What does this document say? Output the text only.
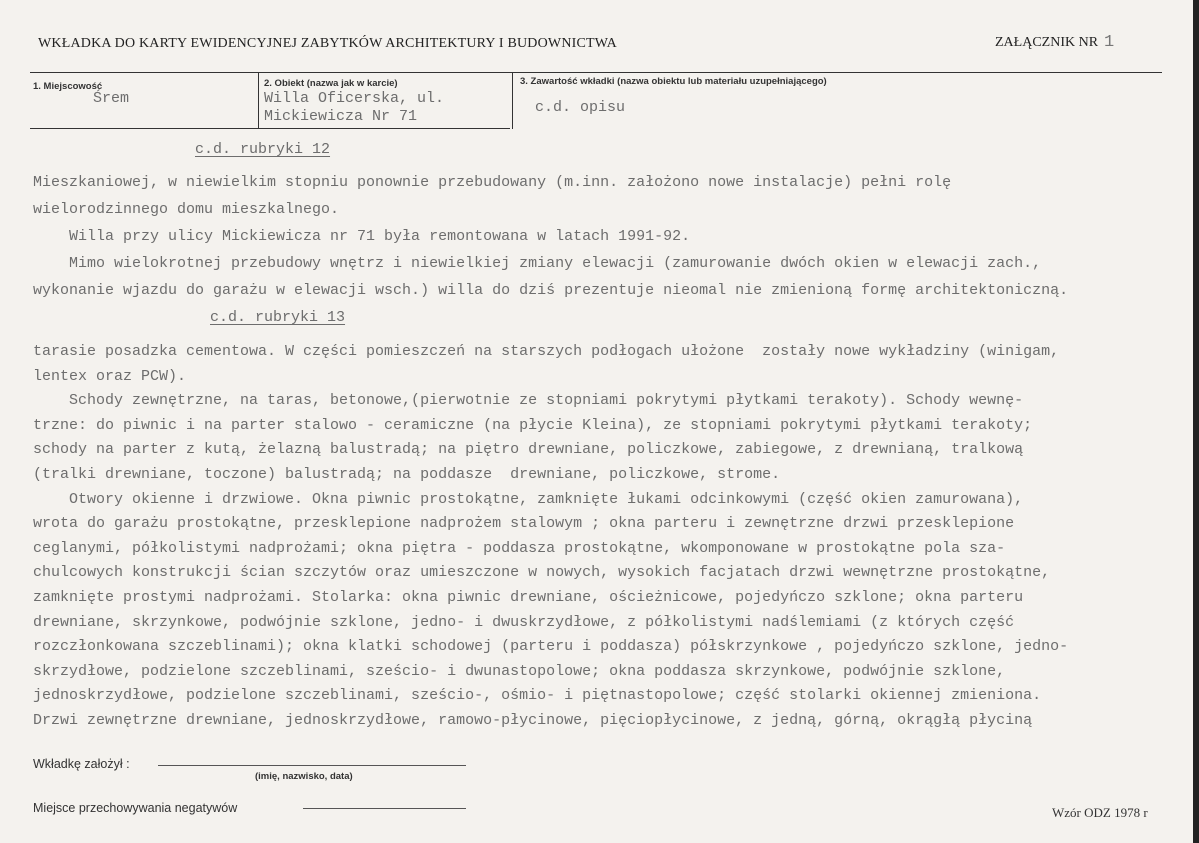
WKŁADKA DO KARTY EWIDENCYJNEJ ZABYTKÓW ARCHITEKTURY I BUDOWNICTWA	ZAŁĄCZNIK NR 1
1. Miejscowość
Śrem
2. Obiekt (nazwa jak w karcie)
Willa Oficerska, ul.
Mickiewicza Nr 71
3. Zawartość wkładki (nazwa obiektu lub materiału uzupełniającego)
c.d. opisu
c.d. rubryki 12
Mieszkaniowej, w niewielkim stopniu ponownie przebudowany (m.inn. założono nowe instalacje) pełni rolę
wielorodzinnego domu mieszkalnego.
Willa przy ulicy Mickiewicza nr 71 była remontowana w latach 1991-92.
Mimo wielokrotnej przebudowy wnętrz i niewielkiej zmiany elewacji (zamurowanie dwóch okien w elewacji zach.,
wykonanie wjazdu do garażu w elewacji wsch.) willa do dziś prezentuje nieomal nie zmienioną formę architektoniczną.
c.d. rubryki 13
tarasie posadzka cementowa. W części pomieszczeń na starszych podłogach ułożone  zostały nowe wykładziny (winigam,
lentex oraz PCW).
Schody zewnętrzne, na taras, betonowe,(pierwotnie ze stopniami pokrytymi płytkami terakoty). Schody wewnę-
trzne: do piwnic i na parter stalowo - ceramiczne (na płycie Kleina), ze stopniami pokrytymi płytkami terakoty;
schody na parter z kutą, żelazną balustradą; na piętro drewniane, policzkowe, zabiegowe, z drewnianą, tralkową
(tralki drewniane, toczone) balustradą; na poddasze  drewniane, policzkowe, strome.
Otwory okienne i drzwiowe. Okna piwnic prostokątne, zamknięte łukami odcinkowymi (część okien zamurowana),
wrota do garażu prostokątne, przesklepione nadprożem stalowym ; okna parteru i zewnętrzne drzwi przesklepione
ceglanymi, półkolistymi nadprożami; okna piętra - poddasza prostokątne, wkomponowane w prostokątne pola sza-
chulcowych konstrukcji ścian szczytów oraz umieszczone w nowych, wysokich facjatach drzwi wewnętrzne prostokątne,
zamknięte prostymi nadprożami. Stolarka: okna piwnic drewniane, ościeżnicowe, pojedyńczo szklone; okna parteru
drewniane, skrzynkowe, podwójnie szklone, jedno- i dwuskrzydłowe, z półkolistymi nadślemiami (z których część
rozczłonkowana szczeblinami); okna klatki schodowej (parteru i poddasza) półskrzynkowe , pojedyńczo szklone, jedno-
skrzydłowe, podzielone szczeblinami, sześcio- i dwunastopolowe; okna poddasza skrzynkowe, podwójnie szklone,
jednoskrzydłowe, podzielone szczeblinami, sześcio-, ośmio- i piętnastopolowe; część stolarki okiennej zmieniona.
Drzwi zewnętrzne drewniane, jednoskrzydłowe, ramowo-płycinowe, pięciopłycinowe, z jedną, górną, okrągłą płyciną
Wkładkę założył :
(imię, nazwisko, data)
Miejsce przechowywania negatywów	Wzór ODZ 1978 r
